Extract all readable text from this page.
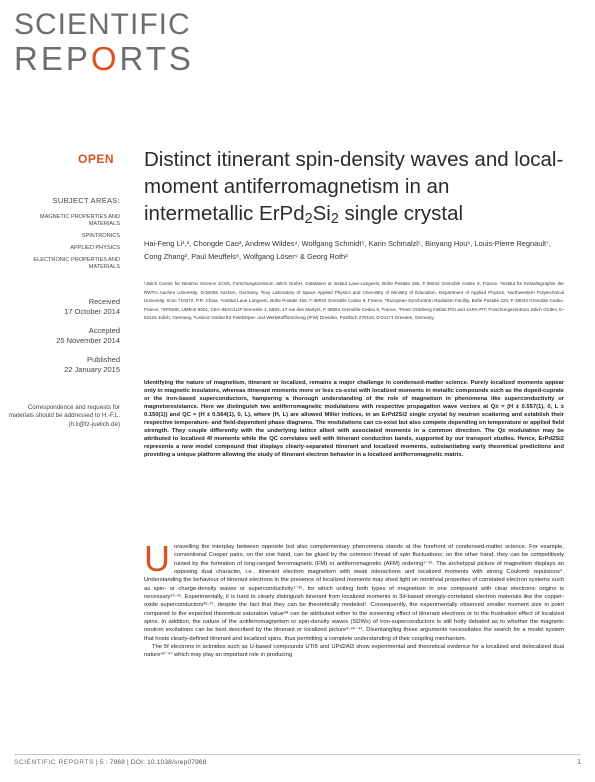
SCIENTIFIC
REPORTS
OPEN Distinct itinerant spin-density waves and local-moment antiferromagnetism in an intermetallic $ErPd_2Si_2$ single crystal
SUBJECT AREAS:
MAGNETIC PROPERTIES AND MATERIALS
SPINTRONICS
APPLIED PHYSICS
ELECTRONIC PROPERTIES AND MATERIALS
Received
17 October 2014
Accepted
25 November 2014
Published
22 January 2015
Correspondence and requests for materials should be addressed to H.-F.L. (h.li@fz-juelich.de)
Hai-Feng Li¹,², Chongde Cao³, Andrew Wildes⁴, Wolfgang Schmidt⁵, Karin Schmalzl⁵, Binyang Hou⁶, Louis-Pierre Regnault⁷, Cong Zhang², Paul Meuffels⁸, Wolfgang Löser⁹ & Georg Roth²
¹Jülich Centre for Neutron Science JCNS, Forschungszentrum Jülich GmbH, Outstation at Institut Laue-Langevin, Boîte Postale 156, F-38042 Grenoble Cedex 9, France, ²Institut für Kristallographie der RWTH Aachen University, D-52056 Aachen, Germany, ³Key Laboratory of Space Applied Physics and Chemistry of Ministry of Education, Department of Applied Physics, Northwestern Polytechnical University, Xi'an 710072, P.R. China, ⁴Institut Laue-Langevin, Boîte Postale 156, F-38042 Grenoble Cedex 9, France, ⁵European Synchrotron Radiation Facility, Boîte Postale 220, F-38043 Grenoble Cedex, France, ⁶SPSMS, UMR-E 9001, CEA-INAC/UJF-Grenoble 1, MDN, 17 rue des Martyrs, F-38054 Grenoble Cedex 9, France, ⁷Peter Grünberg Institut PGI and JARA-FIT, Forschungszentrum Jülich GmbH, D-52425 Jülich, Germany, ⁸Leibniz Institut für Festkörper- und Werkstoffforschung (IFW) Dresden, Postfach 270116, D-01171 Dresden, Germany.
Identifying the nature of magnetism, itinerant or localized, remains a major challenge in condensed-matter science. Purely localized moments appear only in magnetic insulators, whereas itinerant moments more or less co-exist with localized moments in metallic compounds such as the doped-cuprate or the iron-based superconductors, hampering a thorough understanding of the role of magnetism in phenomena like superconductivity or magnetoresistance. Here we distinguish two antiferromagnetic modulations with respective propagation wave vectors at Q± = (H ± 0.557(1), 0, L ± 0.150(1)) and QC = (H ± 0.564(1), 0, L), where (H, L) are allowed Miller indices, in an ErPd2Si2 single crystal by neutron scattering and establish their respective temperature- and field-dependent phase diagrams. The modulations can co-exist but also compete depending on temperature or applied field strength. They couple differently with the underlying lattice albeit with associated moments in a common direction. The Q± modulation may be attributed to localized 4f moments while the QC correlates well with itinerant conduction bands, supported by our transport studies. Hence, ErPd2Si2 represents a new model compound that displays clearly-separated itinerant and localized moments, substantiating early theoretical predictions and providing a unique platform allowing the study of itinerant electron behavior in a localized antiferromagnetic matrix.
U nravelling the interplay between opposite but also complementary phenomena stands at the forefront of condensed-matter science. For example, conventional Cooper pairs, on the one hand, can be glued by the common thread of spin fluctuations; on the other hand, they can be competitively ruined by the formation of long-ranged ferromagnetic (FM) or antiferromagnetic (AFM) ordering¹⁻¹⁶. The archetypal picture of magnetism displays an opposing dual character, i.e., itinerant electron magnetism with weak interactions and localized moments with strong Coulomb repulsions⁴. Understanding the behaviour of itinerant electrons in the presence of localized moments may shed light on nontrivial properties of correlated electron systems such as spin- or charge-density waves or superconductivity¹⁻³⁶, for which uniting both types of magnetism in one compound with clear electronic origins is necessary³⁴·³⁵. Experimentally, it is hard to clearly distinguish itinerant from localized moments in 3d-based strongly-correlated electron materials like the copper-oxide superconductors³⁶·³⁷, despite the fact that they can be theoretically modeled¹. Consequently, the experimentally observed smaller moment size in point compared to the expected theoretical saturation value³⁸ can be attributed either to the screening effect of itinerant electrons or to the frustration effect of localized spins. In addition, the nature of the antiferromagnetism or spin-density waves (SDWs) of iron-superconductors is still hotly debated as to whether the magnetic neutron excitations can be best described by the itinerant or localized picture⁸·³⁹⁻⁴¹. Disentangling these arguments necessitates the search for a model system that hosts clearly-defined itinerant and localized spins, thus permitting a complete understanding of their coupling mechanism.

The 5f electrons in actinides such as U-based compounds UTI5 and UPd2Al3 show experimental and theoretical evidence for a localized and delocalized dual nature⁴²⁻⁴⁷ which may play an important role in producing

SCIENTIFIC REPORTS | 5 : 7968 | DOI: 10.1038/srep07968	1
